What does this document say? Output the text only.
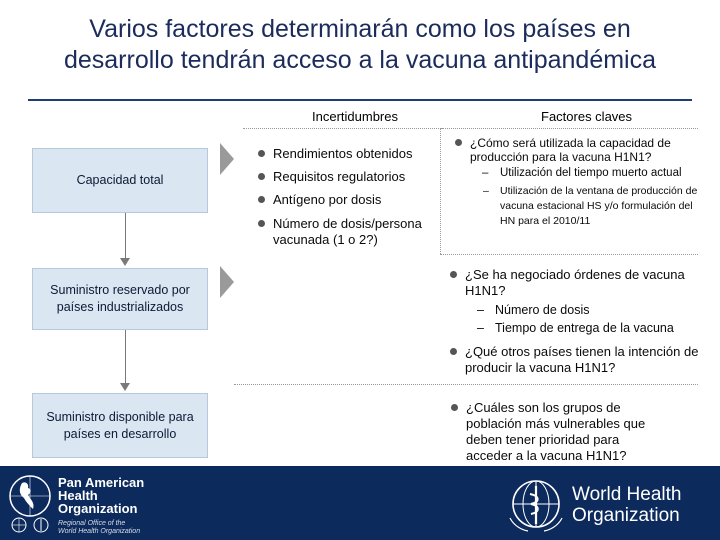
Varios factores determinarán como los países en
desarrollo tendrán acceso a la vacuna antipandémica
Incertidumbres	Factores claves
Capacidad total
Suministro reservado por países industrializados
Suministro disponible para países en desarrollo
Rendimientos obtenidos
Requisitos regulatorios
Antígeno por dosis
Número de dosis/persona vacunada (1 o 2?)
¿Cómo será utilizada la capacidad de producción para la vacuna H1N1?
– Utilización del tiempo muerto actual
– Utilización de la ventana de producción de vacuna estacional HS y/o formulación del HN para el 2010/11
¿Se ha negociado órdenes de vacuna H1N1?
– Número de dosis
– Tiempo de entrega de la vacuna
¿Qué otros países tienen la intención de producir la vacuna H1N1?
¿Cuáles son los grupos de población más vulnerables que deben tener prioridad para acceder a la vacuna H1N1?
Pan American
Health
Organization
Regional Office of the
World Health Organization
World Health
Organization
